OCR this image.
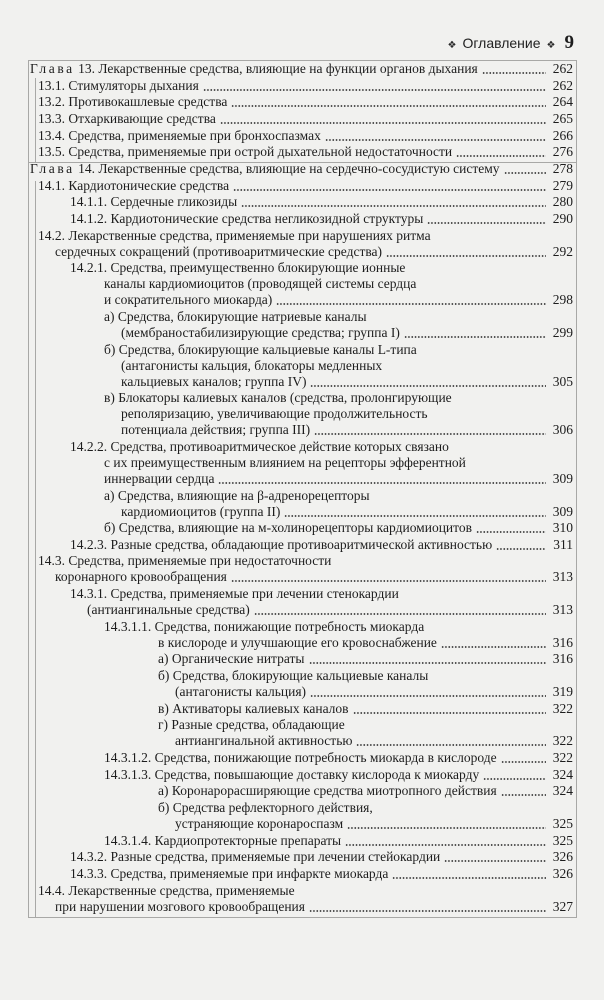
❖ Оглавление ❖ 9
Глава 13. Лекарственные средства, влияющие на функции органов дыхания	262
13.1. Стимуляторы дыхания	262
13.2. Противокашлевые средства	264
13.3. Отхаркивающие средства	265
13.4. Средства, применяемые при бронхоспазмах	266
13.5. Средства, применяемые при острой дыхательной недостаточности	276
Глава 14. Лекарственные средства, влияющие на сердечно-сосудистую систему	278
14.1. Кардиотонические средства	279
14.1.1. Сердечные гликозиды	280
14.1.2. Кардиотонические средства негликозидной структуры	290
14.2. Лекарственные средства, применяемые при нарушениях ритма
сердечных сокращений (противоаритмические средства)	292
14.2.1. Средства, преимущественно блокирующие ионные
каналы кардиомиоцитов (проводящей системы сердца
и сократительного миокарда)	298
а) Средства, блокирующие натриевые каналы
(мембраностабилизирующие средства; группа I)	299
б) Средства, блокирующие кальциевые каналы L-типа
(антагонисты кальция, блокаторы медленных
кальциевых каналов; группа IV)	305
в) Блокаторы калиевых каналов (средства, пролонгирующие
реполяризацию, увеличивающие продолжительность
потенциала действия; группа III)	306
14.2.2. Средства, противоаритмическое действие которых связано
с их преимущественным влиянием на рецепторы эфферентной
иннервации сердца	309
а) Средства, влияющие на β-адренорецепторы
кардиомиоцитов (группа II)	309
б) Средства, влияющие на м-холинорецепторы кардиомиоцитов	310
14.2.3. Разные средства, обладающие противоаритмической активностью	311
14.3. Средства, применяемые при недостаточности
коронарного кровообращения	313
14.3.1. Средства, применяемые при лечении стенокардии
(антиангинальные средства)	313
14.3.1.1. Средства, понижающие потребность миокарда
в кислороде и улучшающие его кровоснабжение	316
а) Органические нитраты	316
б) Средства, блокирующие кальциевые каналы
(антагонисты кальция)	319
в) Активаторы калиевых каналов	322
г) Разные средства, обладающие
антиангинальной активностью	322
14.3.1.2. Средства, понижающие потребность миокарда в кислороде	322
14.3.1.3. Средства, повышающие доставку кислорода к миокарду	324
а) Коронарорасширяющие средства миотропного действия	324
б) Средства рефлекторного действия,
устраняющие коронароспазм	325
14.3.1.4. Кардиопротекторные препараты	325
14.3.2. Разные средства, применяемые при лечении стейокардии	326
14.3.3. Средства, применяемые при инфаркте миокарда	326
14.4. Лекарственные средства, применяемые
при нарушении мозгового кровообращения	327
